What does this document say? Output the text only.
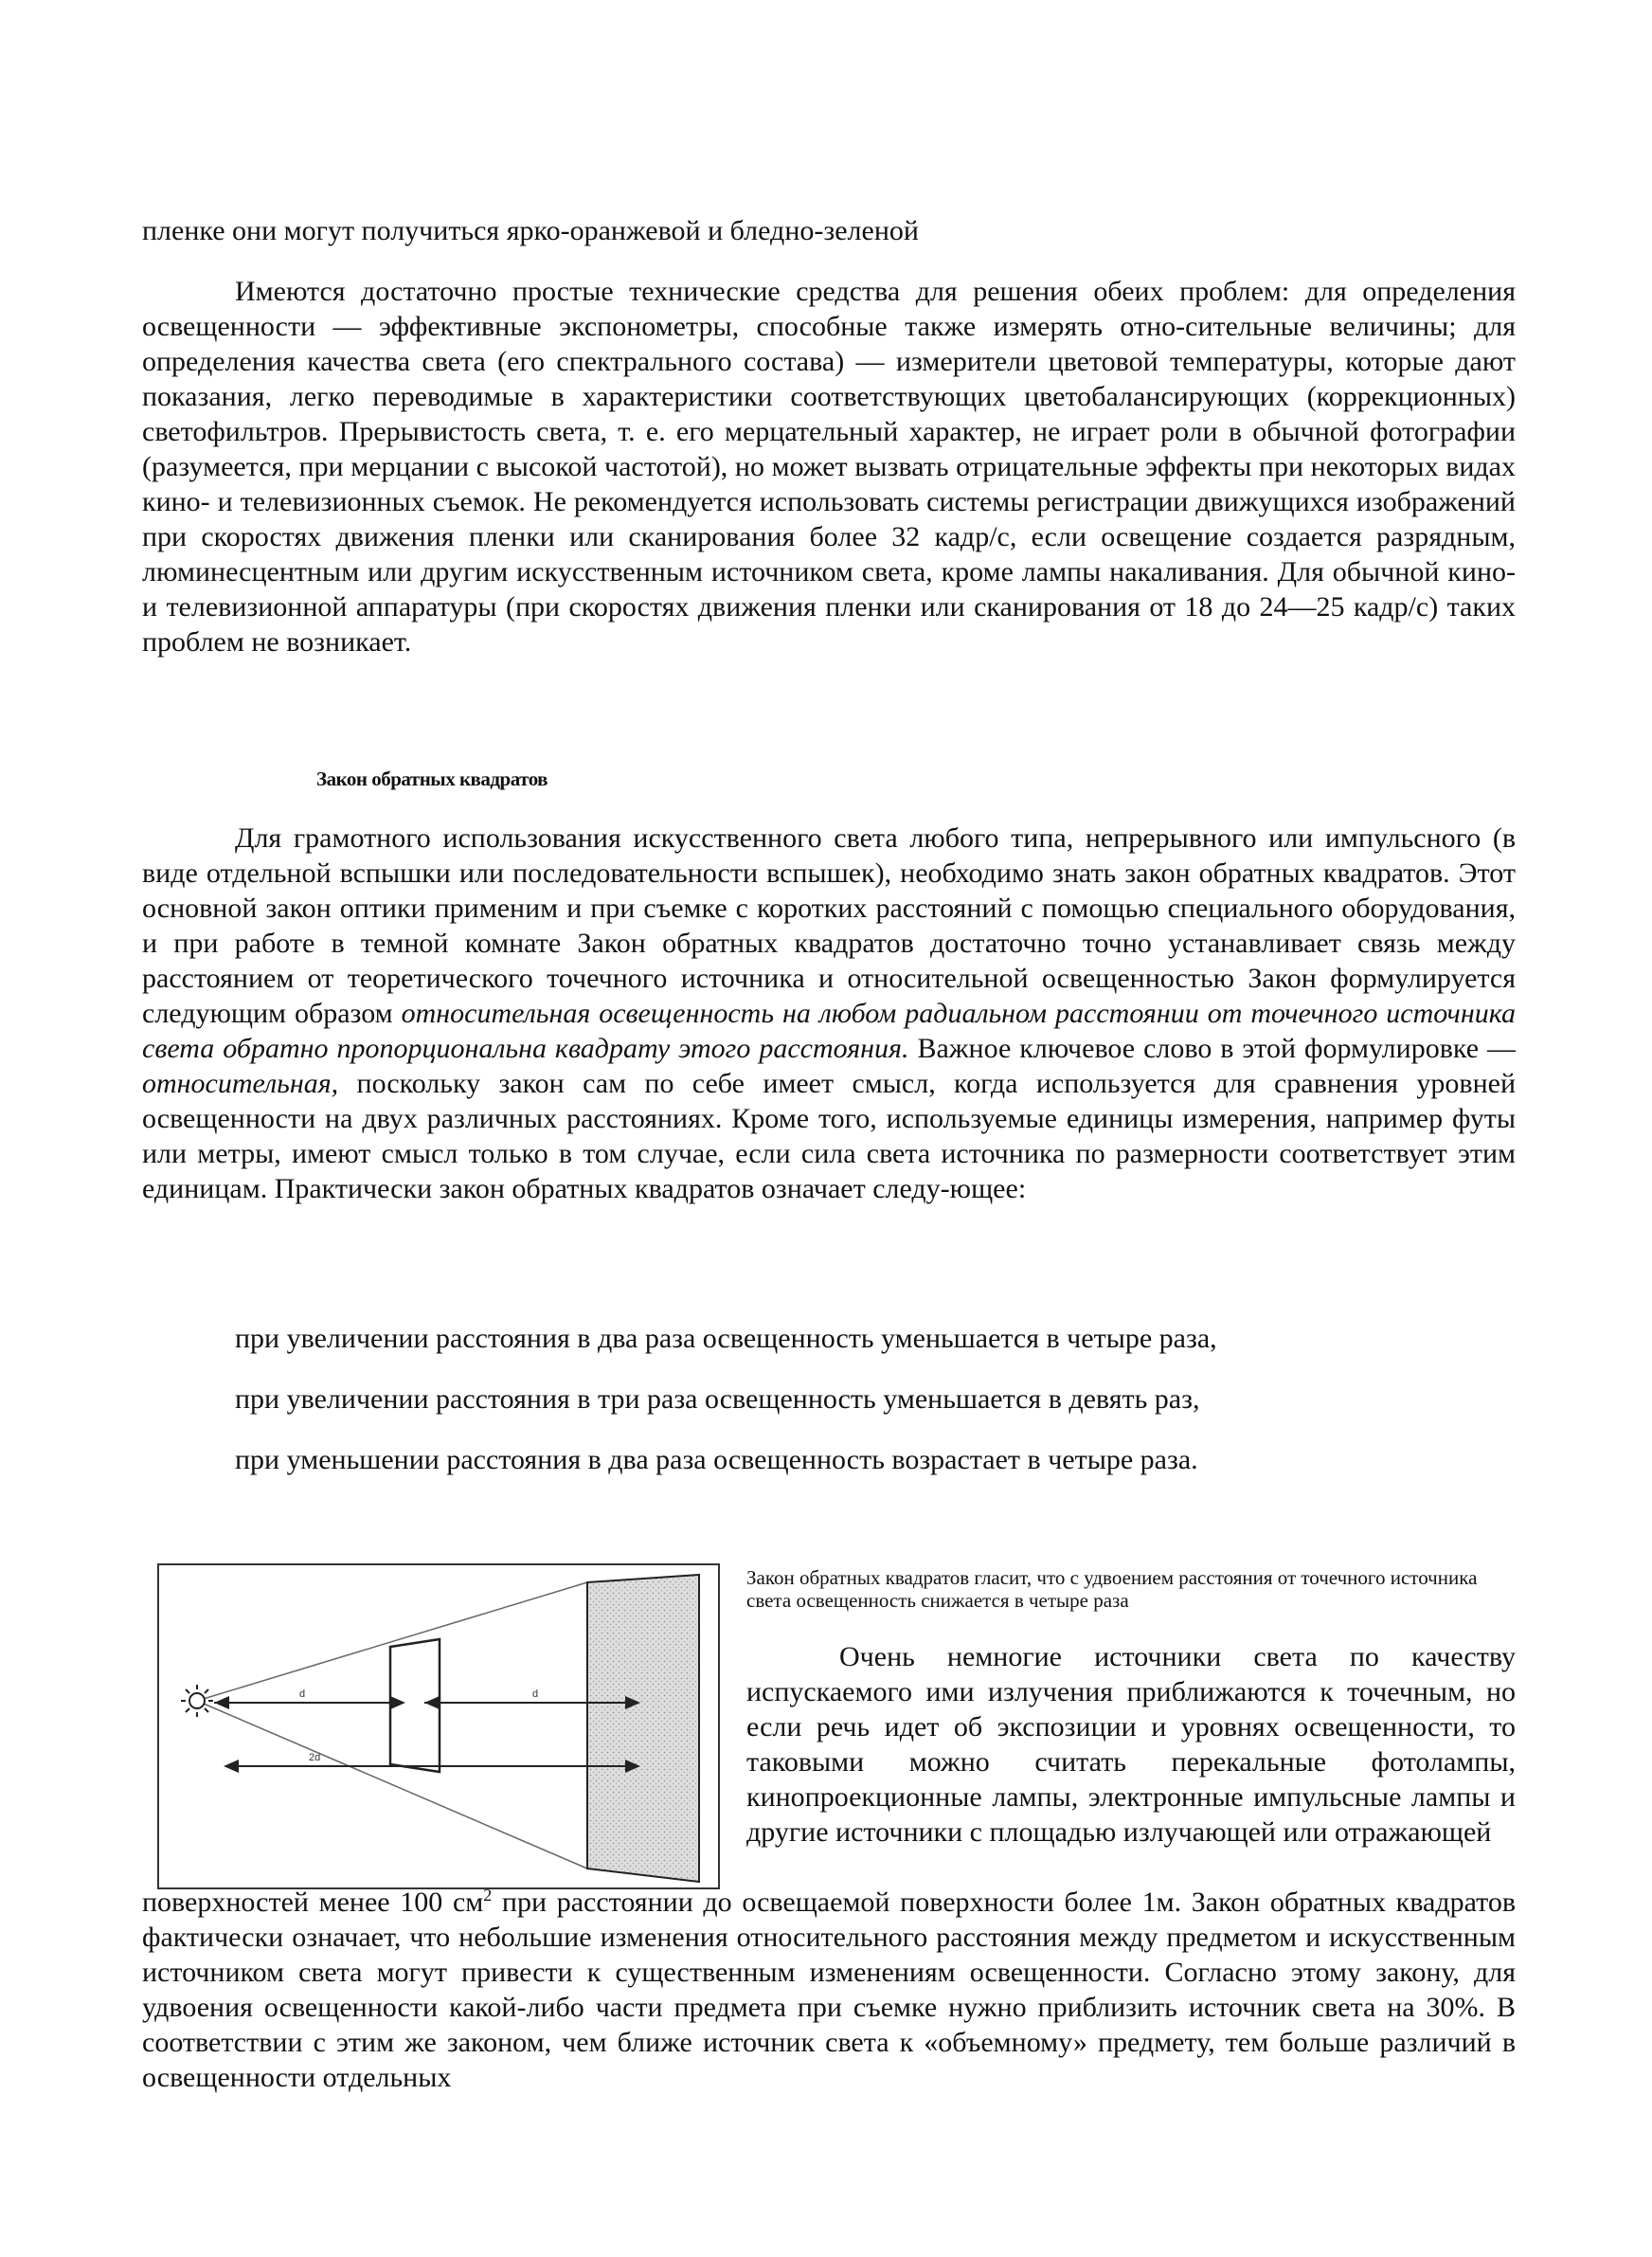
пленке они могут получиться ярко-оранжевой и бледно-зеленой

Имеются достаточно простые технические средства для решения обеих проблем: для определения освещенности — эффективные экспонометры, способные также измерять отно-сительные величины; для определения качества света (его спектрального состава) — измерители цветовой температуры, которые дают показания, легко переводимые в характеристики соответствующих цветобалансирующих (коррекционных) светофильтров. Прерывистость света, т. е. его мерцательный характер, не играет роли в обычной фотографии (разумеется, при мерцании с высокой частотой), но может вызвать отрицательные эффекты при некоторых видах кино- и телевизионных съемок. Не рекомендуется использовать системы регистрации движущихся изображений при скоростях движения пленки или сканирования более 32 кадр/с, если освещение создается разрядным, люминесцентным или другим искусственным источником света, кроме лампы накаливания. Для обычной кино- и телевизионной аппаратуры (при скоростях движения пленки или сканирования от 18 до 24—25 кадр/с) таких проблем не возникает.

Закон обратных квадратов

Для грамотного использования искусственного света любого типа, непрерывного или импульсного (в виде отдельной вспышки или последовательности вспышек), необходимо знать закон обратных квадратов. Этот основной закон оптики применим и при съемке с коротких расстояний с помощью специального оборудования, и при работе в темной комнате Закон обратных квадратов достаточно точно устанавливает связь между расстоянием от теоретического точечного источника и относительной освещенностью Закон формулируется следующим образом относительная освещенность на любом радиальном расстоянии от точечного источника света обратно пропорциональна квадрату этого расстояния. Важное ключевое слово в этой формулировке — относительная, поскольку закон сам по себе имеет смысл, когда используется для сравнения уровней освещенности на двух различных расстояниях. Кроме того, используемые единицы измерения, например футы или метры, имеют смысл только в том случае, если сила света источника по размерности соответствует этим единицам. Практически закон обратных квадратов означает следу-ющее:

при увеличении расстояния в два раза освещенность уменьшается в четыре раза,
при увеличении расстояния в три раза освещенность уменьшается в девять раз,
при уменьшении расстояния в два раза освещенность возрастает в четыре раза.
d	d
2d
Закон обратных квадратов гласит, что с удвоением расстояния от точечного источника света освещенность снижается в четыре раза

Очень немногие источники света по качеству испускаемого ими излучения приближаются к точечным, но если речь идет об экспозиции и уровнях освещенности, то таковыми можно считать перекальные фотолампы, кинопроекционные лампы, электронные импульсные лампы и другие источники с площадью излучающей или отражающей

поверхностей менее 100 $см^2$ при расстоянии до освещаемой поверхности более 1м. Закон обратных квадратов фактически означает, что небольшие изменения относительного расстояния между предметом и искусственным источником света могут привести к существенным изменениям освещенности. Согласно этому закону, для удвоения освещенности какой-либо части предмета при съемке нужно приблизить источник света на 30%. В соответствии с этим же законом, чем ближе источник света к «объемному» предмету, тем больше различий в освещенности отдельных
